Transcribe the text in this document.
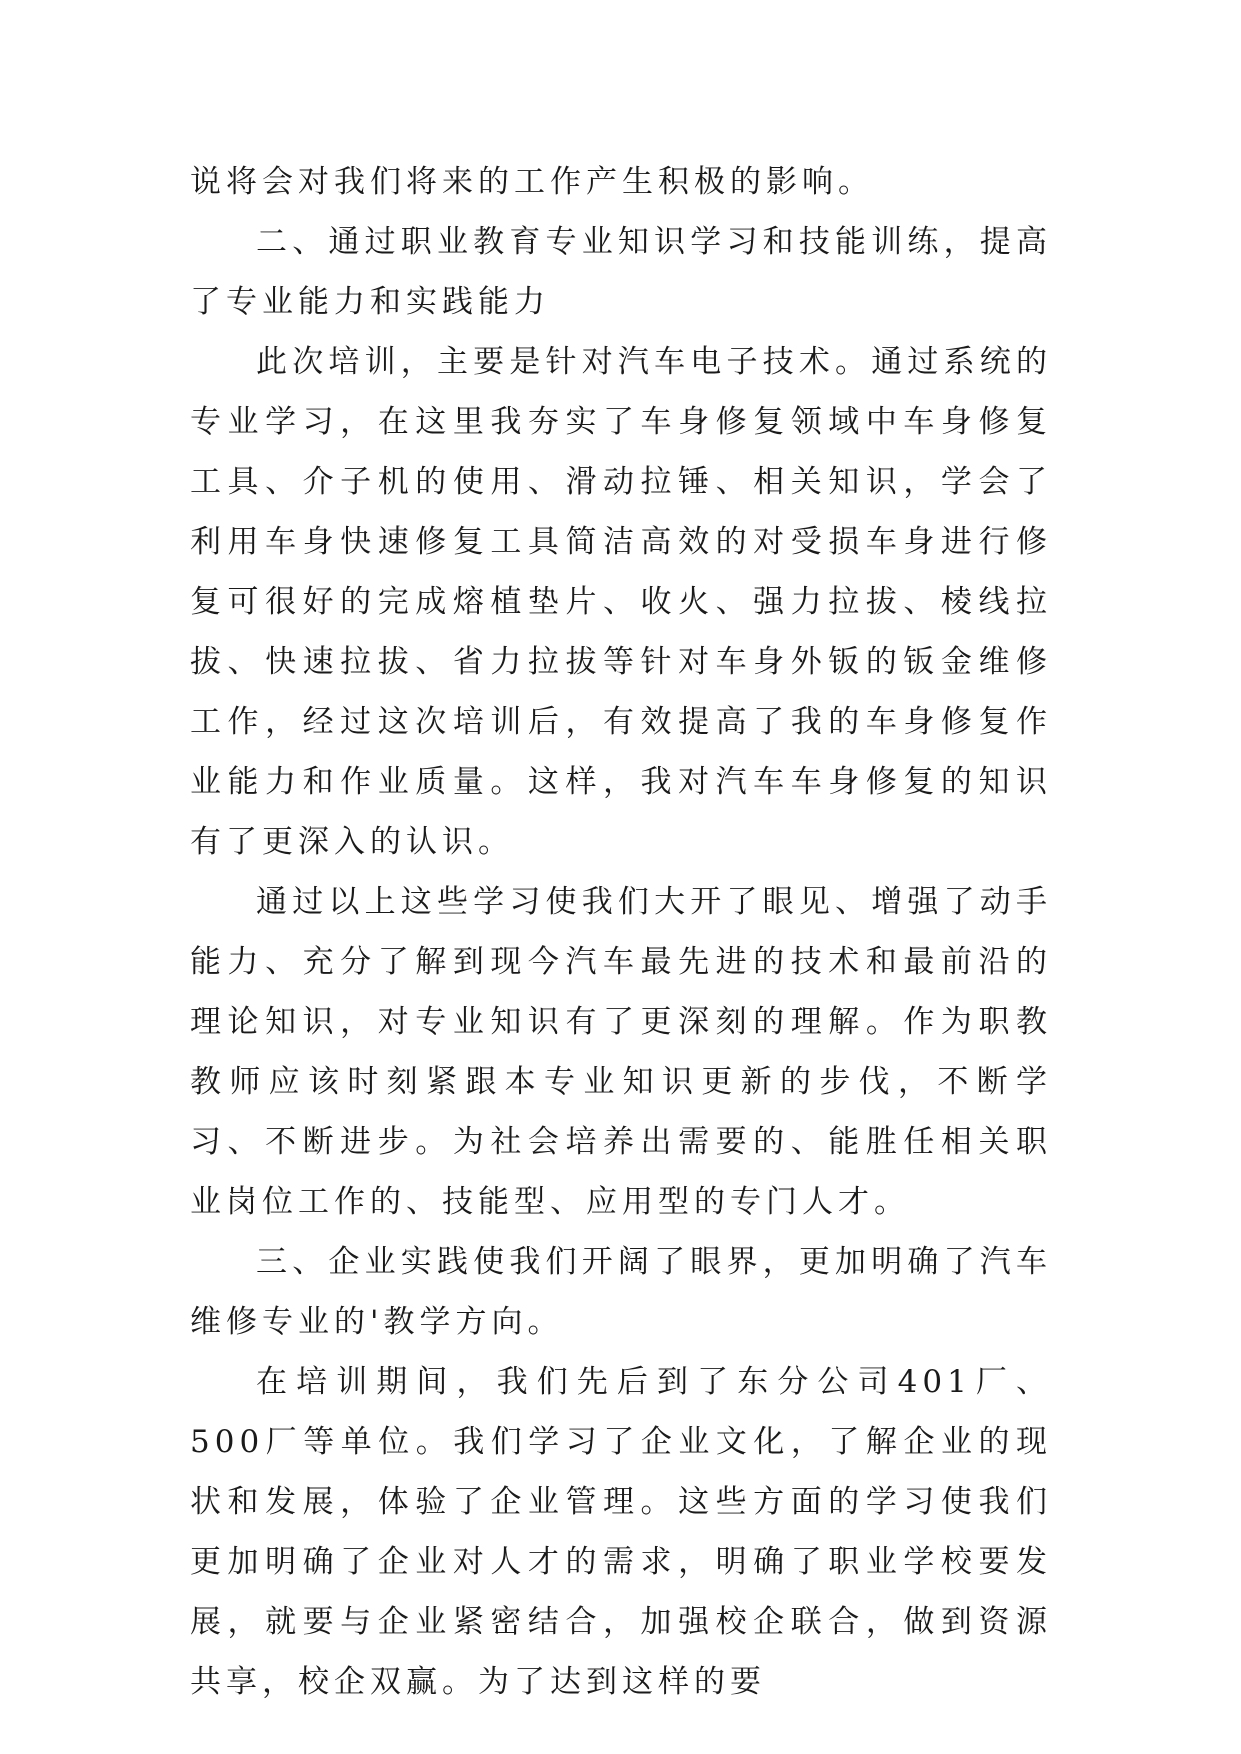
说将会对我们将来的工作产生积极的影响。

二、通过职业教育专业知识学习和技能训练，提高了专业能力和实践能力

此次培训，主要是针对汽车电子技术。通过系统的专业学习，在这里我夯实了车身修复领域中车身修复工具、介子机的使用、滑动拉锤、相关知识，学会了利用车身快速修复工具简洁高效的对受损车身进行修复可很好的完成熔植垫片、收火、强力拉拔、棱线拉拔、快速拉拔、省力拉拔等针对车身外钣的钣金维修工作，经过这次培训后，有效提高了我的车身修复作业能力和作业质量。这样，我对汽车车身修复的知识有了更深入的认识。

通过以上这些学习使我们大开了眼见、增强了动手能力、充分了解到现今汽车最先进的技术和最前沿的理论知识，对专业知识有了更深刻的理解。作为职教教师应该时刻紧跟本专业知识更新的步伐，不断学习、不断进步。为社会培养出需要的、能胜任相关职业岗位工作的、技能型、应用型的专门人才。

三、企业实践使我们开阔了眼界，更加明确了汽车维修专业的'教学方向。

在培训期间，我们先后到了东分公司401厂、500厂等单位。我们学习了企业文化，了解企业的现状和发展，体验了企业管理。这些方面的学习使我们更加明确了企业对人才的需求，明确了职业学校要发展，就要与企业紧密结合，加强校企联合，做到资源共享，校企双赢。为了达到这样的要
